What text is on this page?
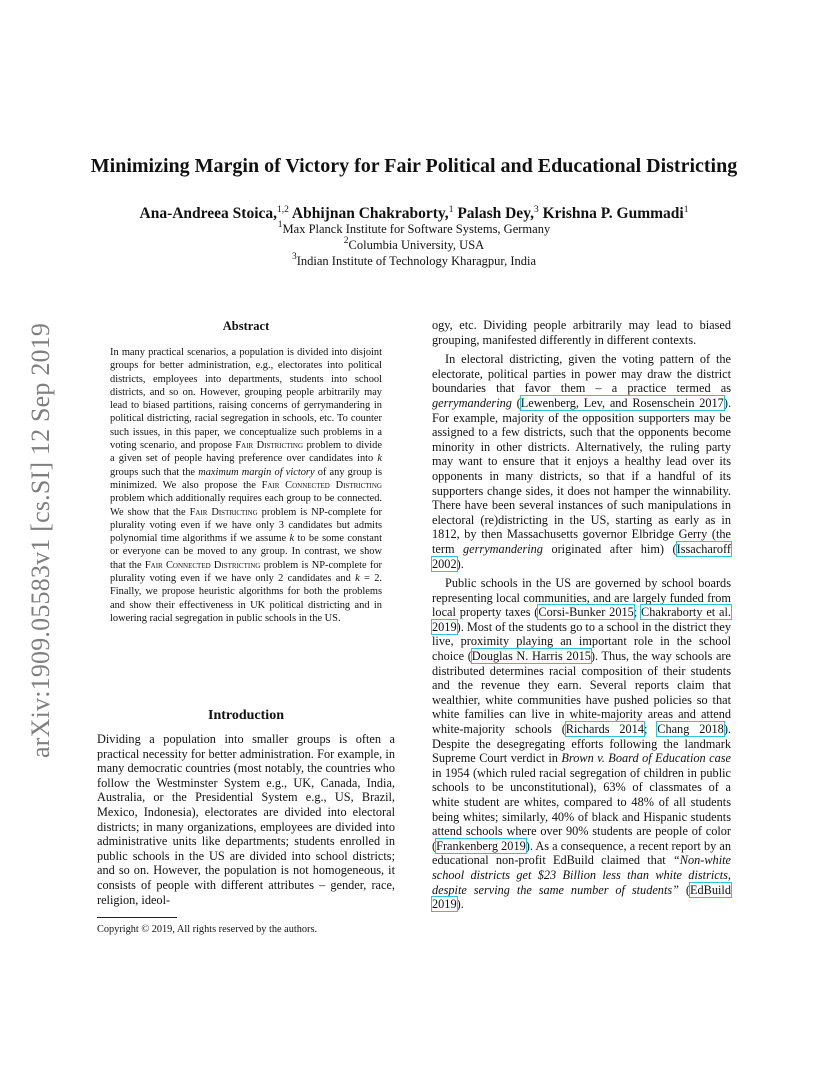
arXiv:1909.05583v1 [cs.SI] 12 Sep 2019
Minimizing Margin of Victory for Fair Political and Educational Districting
Ana-Andreea Stoica,$^{1,2}$ Abhijnan Chakraborty,$^1$ Palash Dey,$^3$ Krishna P. Gummadi$^1$
$^1$Max Planck Institute for Software Systems, Germany
$^2$Columbia University, USA
$^3$Indian Institute of Technology Kharagpur, India
Abstract
In many practical scenarios, a population is divided into disjoint groups for better administration, e.g., electorates into political districts, employees into departments, students into school districts, and so on. However, grouping people arbitrarily may lead to biased partitions, raising concerns of gerrymandering in political districting, racial segregation in schools, etc. To counter such issues, in this paper, we conceptualize such problems in a voting scenario, and propose Fair Districting problem to divide a given set of people having preference over candidates into k groups such that the maximum margin of victory of any group is minimized. We also propose the Fair Connected Districting problem which additionally requires each group to be connected. We show that the Fair Districting problem is NP-complete for plurality voting even if we have only 3 candidates but admits polynomial time algorithms if we assume k to be some constant or everyone can be moved to any group. In contrast, we show that the Fair Connected Districting problem is NP-complete for plurality voting even if we have only 2 candidates and k = 2. Finally, we propose heuristic algorithms for both the problems and show their effectiveness in UK political districting and in lowering racial segregation in public schools in the US.
Introduction
Dividing a population into smaller groups is often a practical necessity for better administration. For example, in many democratic countries (most notably, the countries who follow the Westminster System e.g., UK, Canada, India, Australia, or the Presidential System e.g., US, Brazil, Mexico, Indonesia), electorates are divided into electoral districts; in many organizations, employees are divided into administrative units like departments; students enrolled in public schools in the US are divided into school districts; and so on. However, the population is not homogeneous, it consists of people with different attributes – gender, race, religion, ideol-
Copyright © 2019, All rights reserved by the authors.

ogy, etc. Dividing people arbitrarily may lead to biased grouping, manifested differently in different contexts.

In electoral districting, given the voting pattern of the electorate, political parties in power may draw the district boundaries that favor them – a practice termed as gerrymandering (Lewenberg, Lev, and Rosenschein 2017). For example, majority of the opposition supporters may be assigned to a few districts, such that the opponents become minority in other districts. Alternatively, the ruling party may want to ensure that it enjoys a healthy lead over its opponents in many districts, so that if a handful of its supporters change sides, it does not hamper the winnability. There have been several instances of such manipulations in electoral (re)districting in the US, starting as early as in 1812, by then Massachusetts governor Elbridge Gerry (the term gerrymandering originated after him) (Issacharoff 2002).

Public schools in the US are governed by school boards representing local communities, and are largely funded from local property taxes (Corsi-Bunker 2015; Chakraborty et al. 2019). Most of the students go to a school in the district they live, proximity playing an important role in the school choice (Douglas N. Harris 2015). Thus, the way schools are distributed determines racial composition of their students and the revenue they earn. Several reports claim that wealthier, white communities have pushed policies so that white families can live in white-majority areas and attend white-majority schools (Richards 2014; Chang 2018). Despite the desegregating efforts following the landmark Supreme Court verdict in Brown v. Board of Education case in 1954 (which ruled racial segregation of children in public schools to be unconstitutional), 63% of classmates of a white student are whites, compared to 48% of all students being whites; similarly, 40% of black and Hispanic students attend schools where over 90% students are people of color (Frankenberg 2019). As a consequence, a recent report by an educational non-profit EdBuild claimed that “Non-white school districts get $23 Billion less than white districts, despite serving the same number of students” (EdBuild 2019).
